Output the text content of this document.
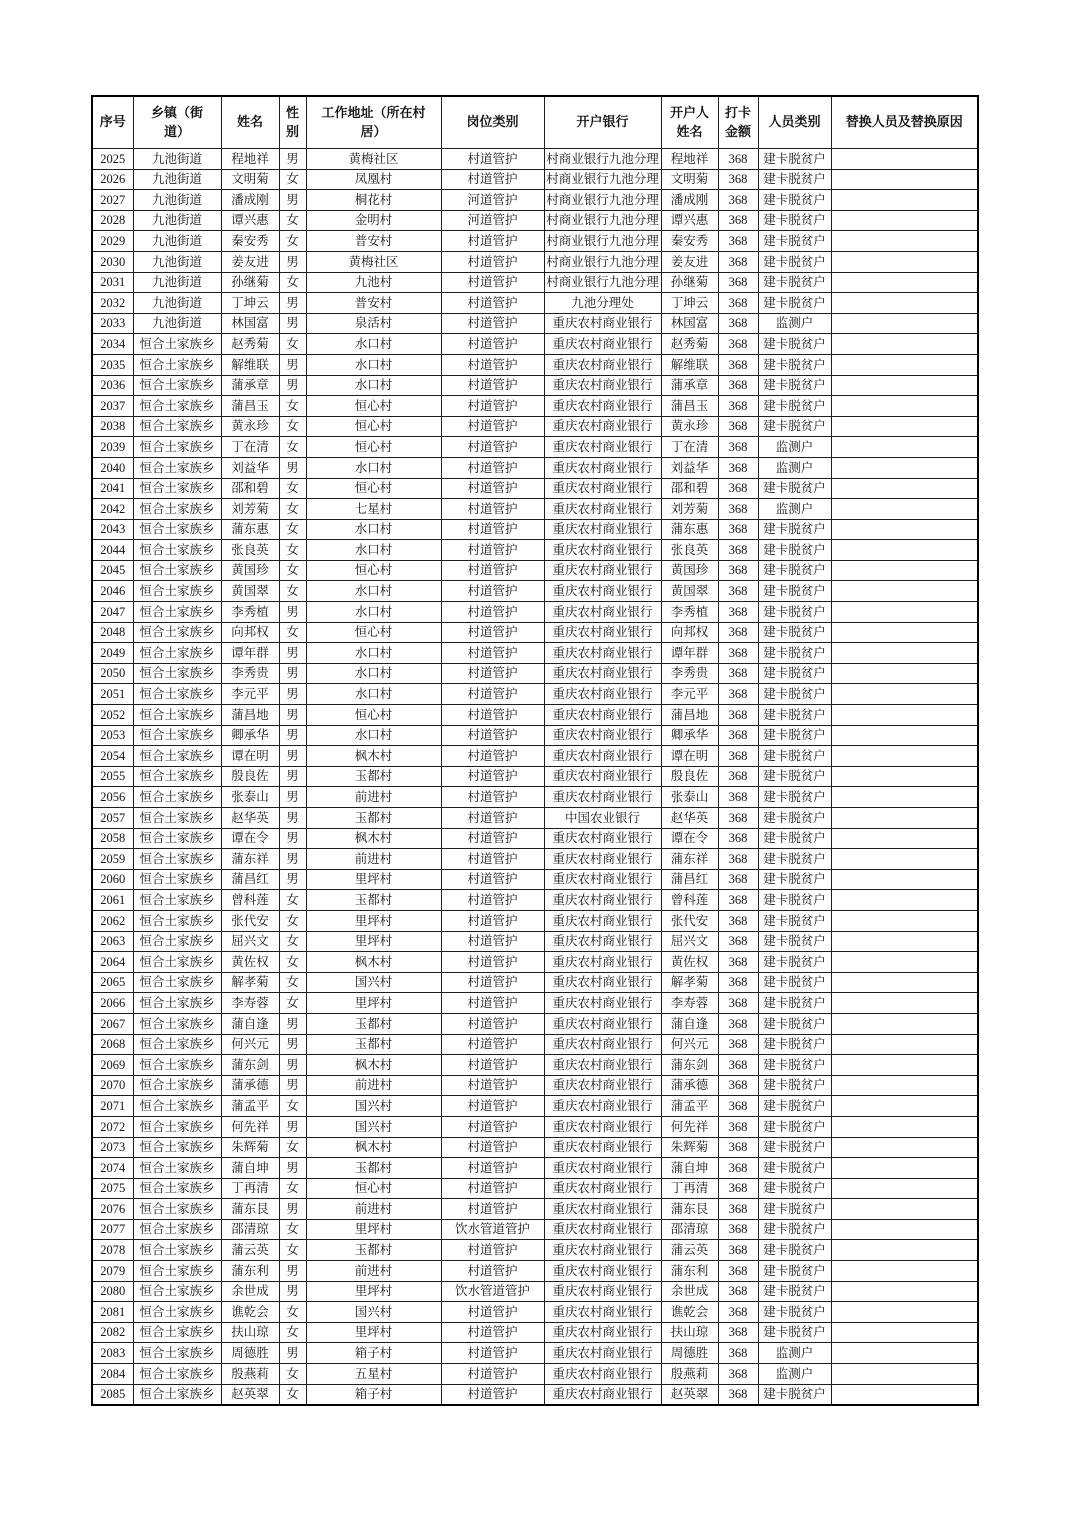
序号	乡镇（街道）	姓名	性别	工作地址（所在村居）	岗位类别	开户银行	开户人姓名	打卡金额	人员类别	替换人员及替换原因
2025	九池街道	程地祥	男	黄梅社区	村道管护	村商业银行九池分理	程地祥	368	建卡脱贫户	
2026	九池街道	文明菊	女	凤凰村	村道管护	村商业银行九池分理	文明菊	368	建卡脱贫户	
2027	九池街道	潘成刚	男	桐花村	河道管护	村商业银行九池分理	潘成刚	368	建卡脱贫户	
2028	九池街道	谭兴惠	女	金明村	河道管护	村商业银行九池分理	谭兴惠	368	建卡脱贫户	
2029	九池街道	秦安秀	女	普安村	村道管护	村商业银行九池分理	秦安秀	368	建卡脱贫户	
2030	九池街道	姜友进	男	黄梅社区	村道管护	村商业银行九池分理	姜友进	368	建卡脱贫户	
2031	九池街道	孙继菊	女	九池村	村道管护	村商业银行九池分理	孙继菊	368	建卡脱贫户	
2032	九池街道	丁坤云	男	普安村	村道管护	九池分理处	丁坤云	368	建卡脱贫户	
2033	九池街道	林国富	男	泉活村	村道管护	重庆农村商业银行	林国富	368	监测户	
2034	恒合土家族乡	赵秀菊	女	水口村	村道管护	重庆农村商业银行	赵秀菊	368	建卡脱贫户	
2035	恒合土家族乡	解维联	男	水口村	村道管护	重庆农村商业银行	解维联	368	建卡脱贫户	
2036	恒合土家族乡	蒲承章	男	水口村	村道管护	重庆农村商业银行	蒲承章	368	建卡脱贫户	
2037	恒合土家族乡	蒲昌玉	女	恒心村	村道管护	重庆农村商业银行	蒲昌玉	368	建卡脱贫户	
2038	恒合土家族乡	黄永珍	女	恒心村	村道管护	重庆农村商业银行	黄永珍	368	建卡脱贫户	
2039	恒合土家族乡	丁在清	女	恒心村	村道管护	重庆农村商业银行	丁在清	368	监测户	
2040	恒合土家族乡	刘益华	男	水口村	村道管护	重庆农村商业银行	刘益华	368	监测户	
2041	恒合土家族乡	邵和碧	女	恒心村	村道管护	重庆农村商业银行	邵和碧	368	建卡脱贫户	
2042	恒合土家族乡	刘芳菊	女	七星村	村道管护	重庆农村商业银行	刘芳菊	368	监测户	
2043	恒合土家族乡	蒲东惠	女	水口村	村道管护	重庆农村商业银行	蒲东惠	368	建卡脱贫户	
2044	恒合土家族乡	张良英	女	水口村	村道管护	重庆农村商业银行	张良英	368	建卡脱贫户	
2045	恒合土家族乡	黄国珍	女	恒心村	村道管护	重庆农村商业银行	黄国珍	368	建卡脱贫户	
2046	恒合土家族乡	黄国翠	女	水口村	村道管护	重庆农村商业银行	黄国翠	368	建卡脱贫户	
2047	恒合土家族乡	李秀植	男	水口村	村道管护	重庆农村商业银行	李秀植	368	建卡脱贫户	
2048	恒合土家族乡	向邦权	女	恒心村	村道管护	重庆农村商业银行	向邦权	368	建卡脱贫户	
2049	恒合土家族乡	谭年群	男	水口村	村道管护	重庆农村商业银行	谭年群	368	建卡脱贫户	
2050	恒合土家族乡	李秀贵	男	水口村	村道管护	重庆农村商业银行	李秀贵	368	建卡脱贫户	
2051	恒合土家族乡	李元平	男	水口村	村道管护	重庆农村商业银行	李元平	368	建卡脱贫户	
2052	恒合土家族乡	蒲昌地	男	恒心村	村道管护	重庆农村商业银行	蒲昌地	368	建卡脱贫户	
2053	恒合土家族乡	卿承华	男	水口村	村道管护	重庆农村商业银行	卿承华	368	建卡脱贫户	
2054	恒合土家族乡	谭在明	男	枫木村	村道管护	重庆农村商业银行	谭在明	368	建卡脱贫户	
2055	恒合土家族乡	殷良佐	男	玉都村	村道管护	重庆农村商业银行	殷良佐	368	建卡脱贫户	
2056	恒合土家族乡	张泰山	男	前进村	村道管护	重庆农村商业银行	张泰山	368	建卡脱贫户	
2057	恒合土家族乡	赵华英	男	玉都村	村道管护	中国农业银行	赵华英	368	建卡脱贫户	
2058	恒合土家族乡	谭在令	男	枫木村	村道管护	重庆农村商业银行	谭在令	368	建卡脱贫户	
2059	恒合土家族乡	蒲东祥	男	前进村	村道管护	重庆农村商业银行	蒲东祥	368	建卡脱贫户	
2060	恒合土家族乡	蒲昌红	男	里坪村	村道管护	重庆农村商业银行	蒲昌红	368	建卡脱贫户	
2061	恒合土家族乡	曾科莲	女	玉都村	村道管护	重庆农村商业银行	曾科莲	368	建卡脱贫户	
2062	恒合土家族乡	张代安	女	里坪村	村道管护	重庆农村商业银行	张代安	368	建卡脱贫户	
2063	恒合土家族乡	屈兴文	女	里坪村	村道管护	重庆农村商业银行	屈兴文	368	建卡脱贫户	
2064	恒合土家族乡	黄佐权	女	枫木村	村道管护	重庆农村商业银行	黄佐权	368	建卡脱贫户	
2065	恒合土家族乡	解孝菊	女	国兴村	村道管护	重庆农村商业银行	解孝菊	368	建卡脱贫户	
2066	恒合土家族乡	李寿蓉	女	里坪村	村道管护	重庆农村商业银行	李寿蓉	368	建卡脱贫户	
2067	恒合土家族乡	蒲自逢	男	玉都村	村道管护	重庆农村商业银行	蒲自逢	368	建卡脱贫户	
2068	恒合土家族乡	何兴元	男	玉都村	村道管护	重庆农村商业银行	何兴元	368	建卡脱贫户	
2069	恒合土家族乡	蒲东剑	男	枫木村	村道管护	重庆农村商业银行	蒲东剑	368	建卡脱贫户	
2070	恒合土家族乡	蒲承德	男	前进村	村道管护	重庆农村商业银行	蒲承德	368	建卡脱贫户	
2071	恒合土家族乡	蒲孟平	女	国兴村	村道管护	重庆农村商业银行	蒲孟平	368	建卡脱贫户	
2072	恒合土家族乡	何先祥	男	国兴村	村道管护	重庆农村商业银行	何先祥	368	建卡脱贫户	
2073	恒合土家族乡	朱辉菊	女	枫木村	村道管护	重庆农村商业银行	朱辉菊	368	建卡脱贫户	
2074	恒合土家族乡	蒲自坤	男	玉都村	村道管护	重庆农村商业银行	蒲自坤	368	建卡脱贫户	
2075	恒合土家族乡	丁再清	女	恒心村	村道管护	重庆农村商业银行	丁再清	368	建卡脱贫户	
2076	恒合土家族乡	蒲东艮	男	前进村	村道管护	重庆农村商业银行	蒲东艮	368	建卡脱贫户	
2077	恒合土家族乡	邵清琼	女	里坪村	饮水管道管护	重庆农村商业银行	邵清琼	368	建卡脱贫户	
2078	恒合土家族乡	蒲云英	女	玉都村	村道管护	重庆农村商业银行	蒲云英	368	建卡脱贫户	
2079	恒合土家族乡	蒲东利	男	前进村	村道管护	重庆农村商业银行	蒲东利	368	建卡脱贫户	
2080	恒合土家族乡	余世成	男	里坪村	饮水管道管护	重庆农村商业银行	余世成	368	建卡脱贫户	
2081	恒合土家族乡	谯乾会	女	国兴村	村道管护	重庆农村商业银行	谯乾会	368	建卡脱贫户	
2082	恒合土家族乡	扶山琼	女	里坪村	村道管护	重庆农村商业银行	扶山琼	368	建卡脱贫户	
2083	恒合土家族乡	周德胜	男	箱子村	村道管护	重庆农村商业银行	周德胜	368	监测户	
2084	恒合土家族乡	殷燕莉	女	五星村	村道管护	重庆农村商业银行	殷燕莉	368	监测户	
2085	恒合土家族乡	赵英翠	女	箱子村	村道管护	重庆农村商业银行	赵英翠	368	建卡脱贫户	
